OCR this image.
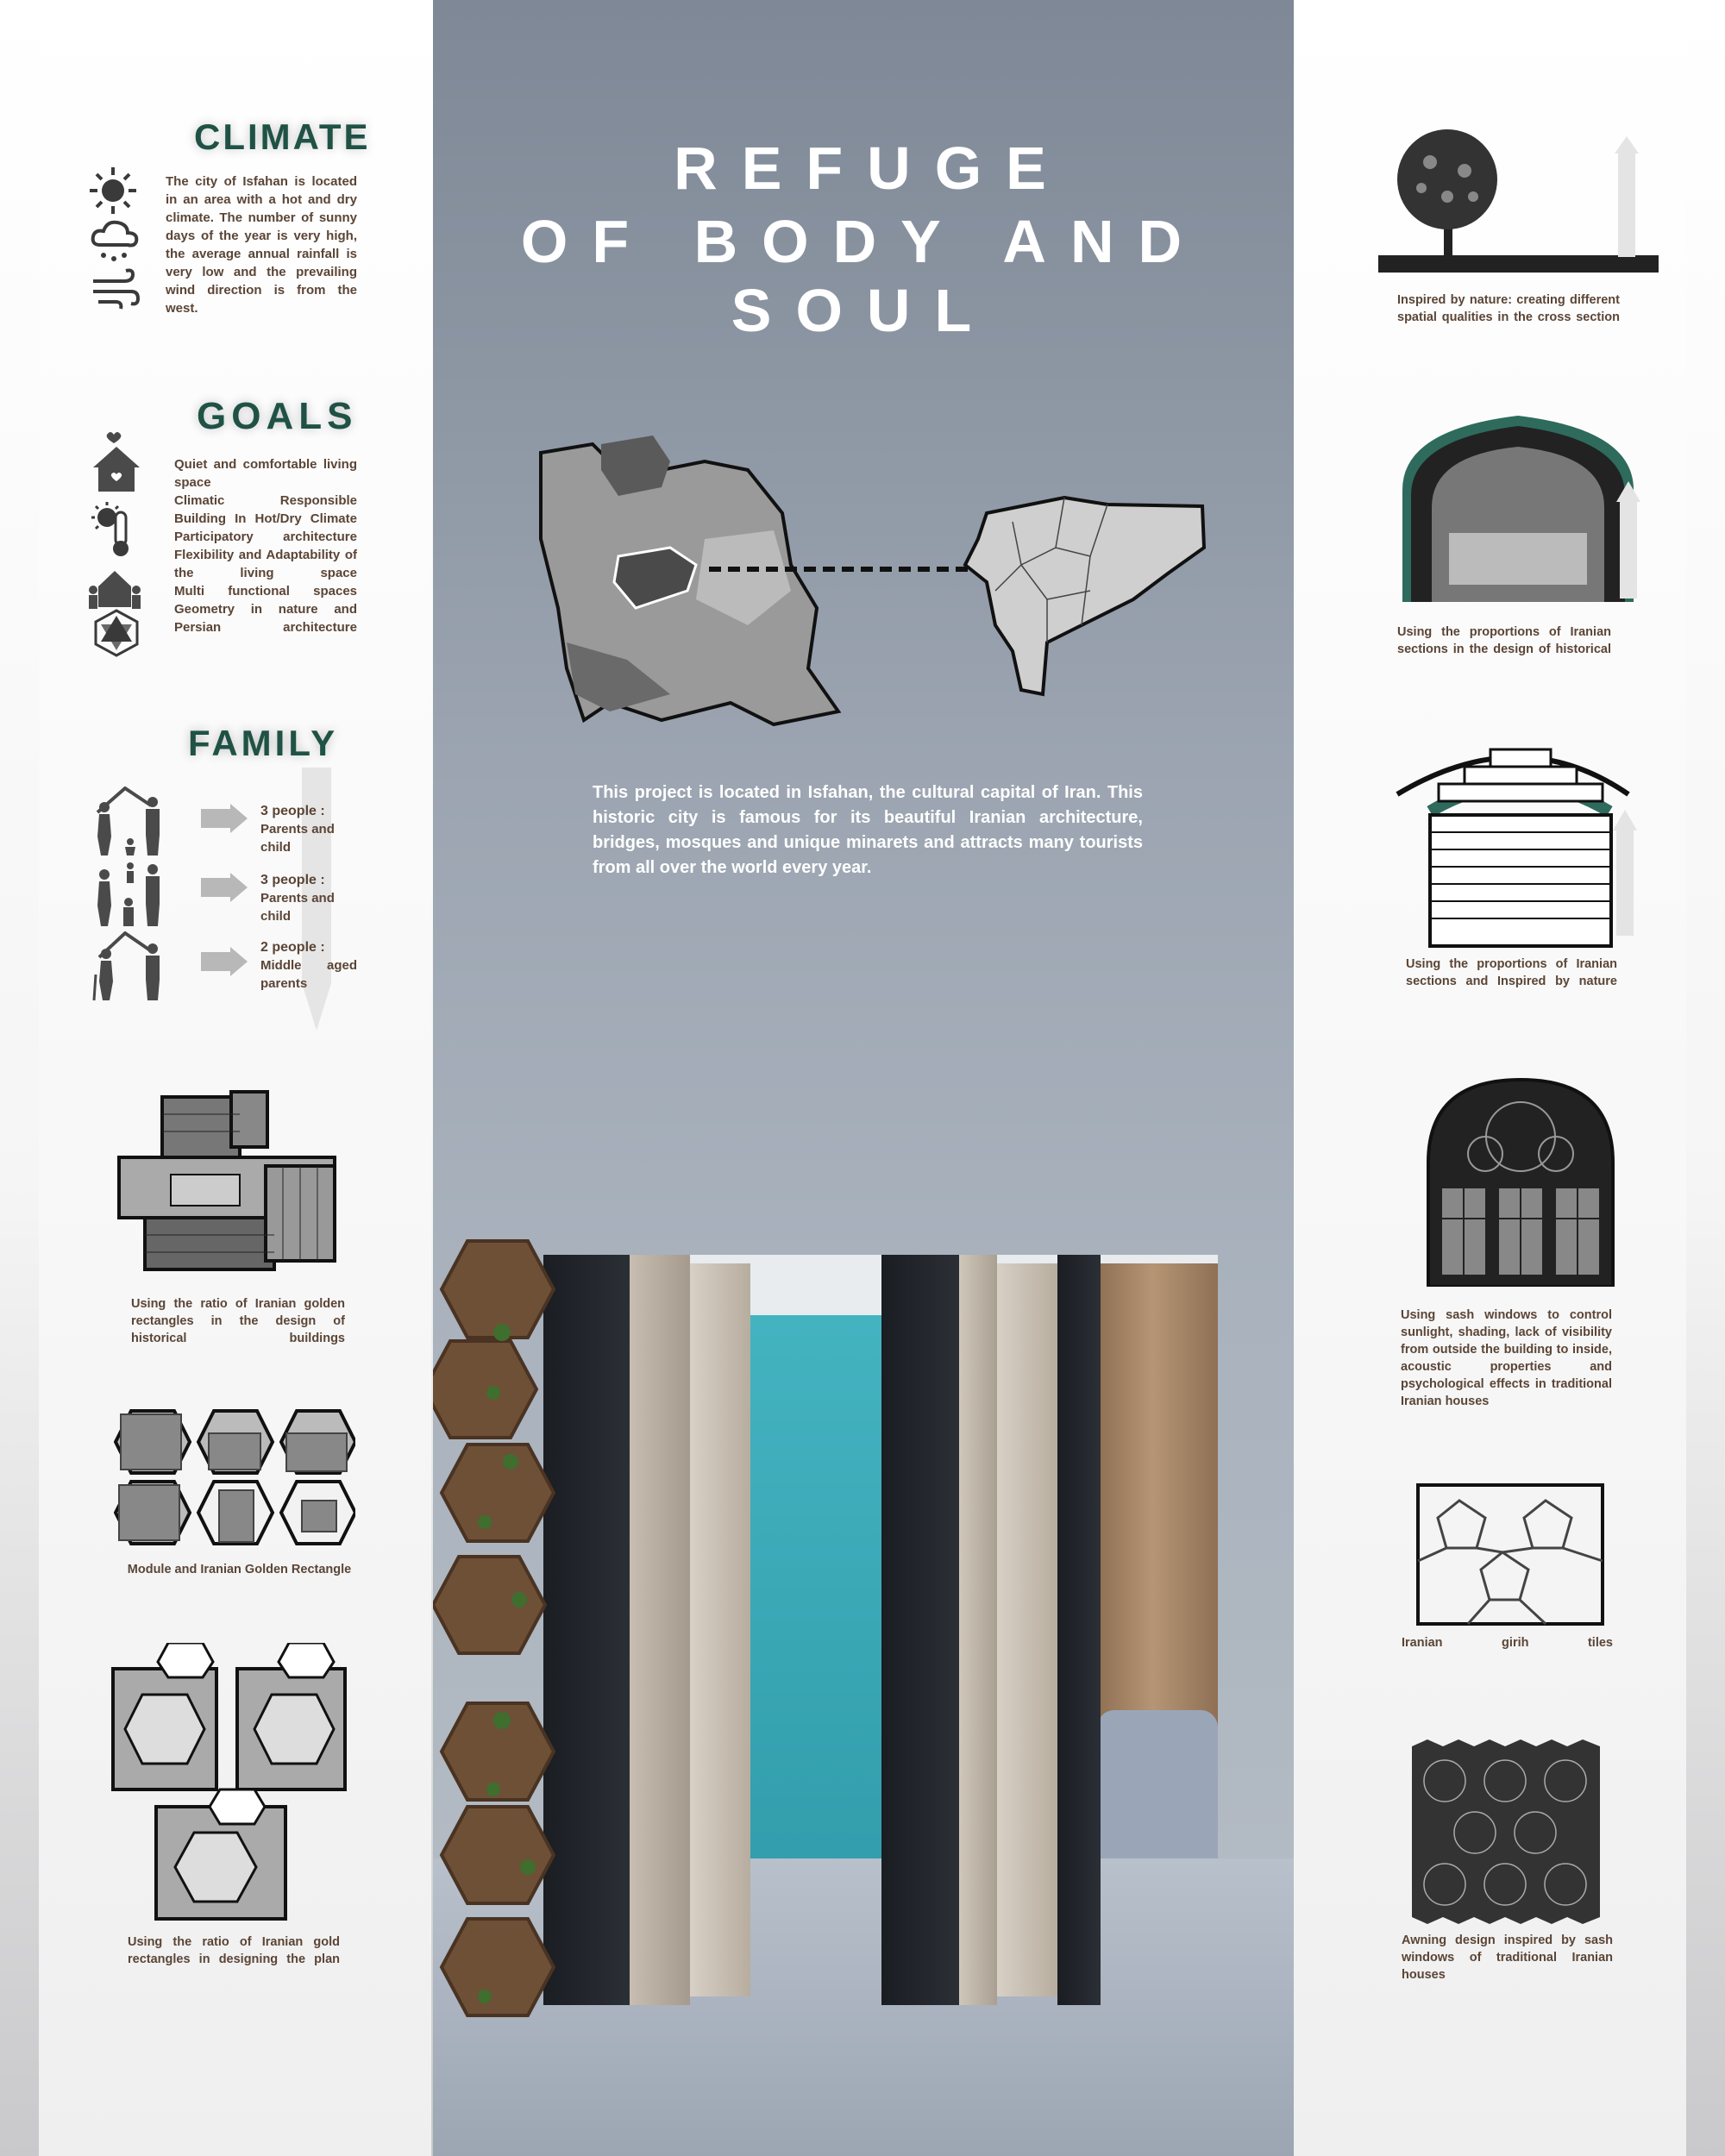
CLIMATE
The city of Isfahan is located in an area with a hot and dry climate. The number of sunny days of the year is very high, the average annual rainfall is very low and the prevailing wind direction is from the west.
GOALS
Quiet and comfortable living space
Climatic Responsible Building In Hot/Dry Climate
Participatory architecture
Flexibility and Adaptability of the living space
Multi functional spaces
Geometry in nature and Persian architecture
FAMILY
3 people :
Parents and child
3 people :
Parents and child
2 people :
Middle aged parents
Using the ratio of Iranian golden rectangles in the design of historical buildings
Module and Iranian Golden Rectangle
Using the ratio of Iranian gold rectangles in designing the plan
REFUGE
OF BODY AND SOUL
This project is located in Isfahan, the cultural capital of Iran. This historic city is famous for its beautiful Iranian architecture, bridges, mosques and unique minarets and attracts many tourists from all over the world every year.
Inspired by nature: creating different spatial qualities in the cross section
Using the proportions of Iranian sections in the design of historical
Using the proportions of Iranian sections and Inspired by nature
Using sash windows to control sunlight, shading, lack of visibility from outside the building to inside, acoustic properties and psychological effects in traditional Iranian houses
Iranian girih tiles
Awning design inspired by sash windows of traditional Iranian houses
